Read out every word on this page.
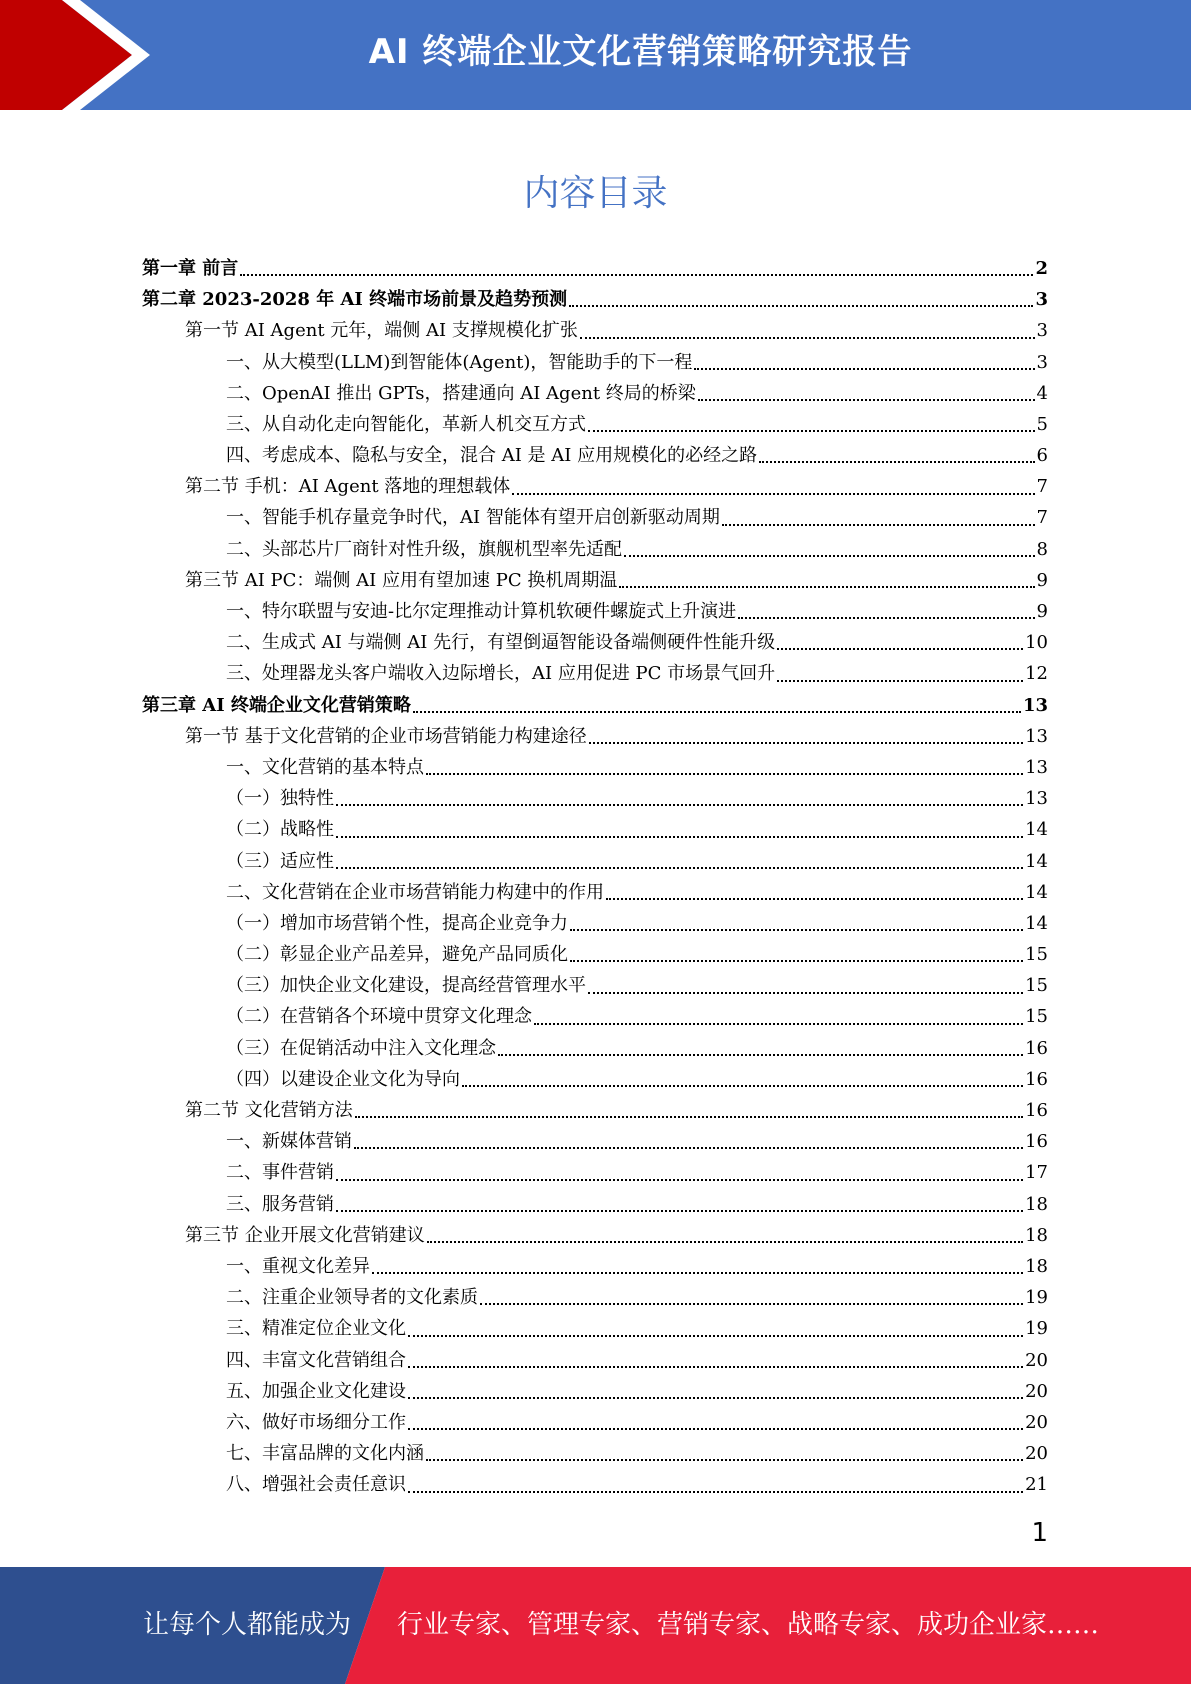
AI 终端企业文化营销策略研究报告
内容目录
第一章 前言	2
第二章 2023-2028 年 AI 终端市场前景及趋势预测	3
第一节 AI Agent 元年，端侧 AI 支撑规模化扩张	3
一、从大模型(LLM)到智能体(Agent)，智能助手的下一程	3
二、OpenAI 推出 GPTs，搭建通向 AI Agent 终局的桥梁	4
三、从自动化走向智能化，革新人机交互方式	5
四、考虑成本、隐私与安全，混合 AI 是 AI 应用规模化的必经之路	6
第二节 手机：AI Agent 落地的理想载体	7
一、智能手机存量竞争时代，AI 智能体有望开启创新驱动周期	7
二、头部芯片厂商针对性升级，旗舰机型率先适配	8
第三节 AI PC：端侧 AI 应用有望加速 PC 换机周期温	9
一、特尔联盟与安迪-比尔定理推动计算机软硬件螺旋式上升演进	9
二、生成式 AI 与端侧 AI 先行，有望倒逼智能设备端侧硬件性能升级	10
三、处理器龙头客户端收入边际增长，AI 应用促进 PC 市场景气回升	12
第三章 AI 终端企业文化营销策略	13
第一节 基于文化营销的企业市场营销能力构建途径	13
一、文化营销的基本特点	13
（一）独特性	13
（二）战略性	14
（三）适应性	14
二、文化营销在企业市场营销能力构建中的作用	14
（一）增加市场营销个性，提高企业竞争力	14
（二）彰显企业产品差异，避免产品同质化	15
（三）加快企业文化建设，提高经营管理水平	15
（二）在营销各个环境中贯穿文化理念	15
（三）在促销活动中注入文化理念	16
（四）以建设企业文化为导向	16
第二节 文化营销方法	16
一、新媒体营销	16
二、事件营销	17
三、服务营销	18
第三节 企业开展文化营销建议	18
一、重视文化差异	18
二、注重企业领导者的文化素质	19
三、精准定位企业文化	19
四、丰富文化营销组合	20
五、加强企业文化建设	20
六、做好市场细分工作	20
七、丰富品牌的文化内涵	20
八、增强社会责任意识	21
1
让每个人都能成为 行业专家、管理专家、营销专家、战略专家、成功企业家……
